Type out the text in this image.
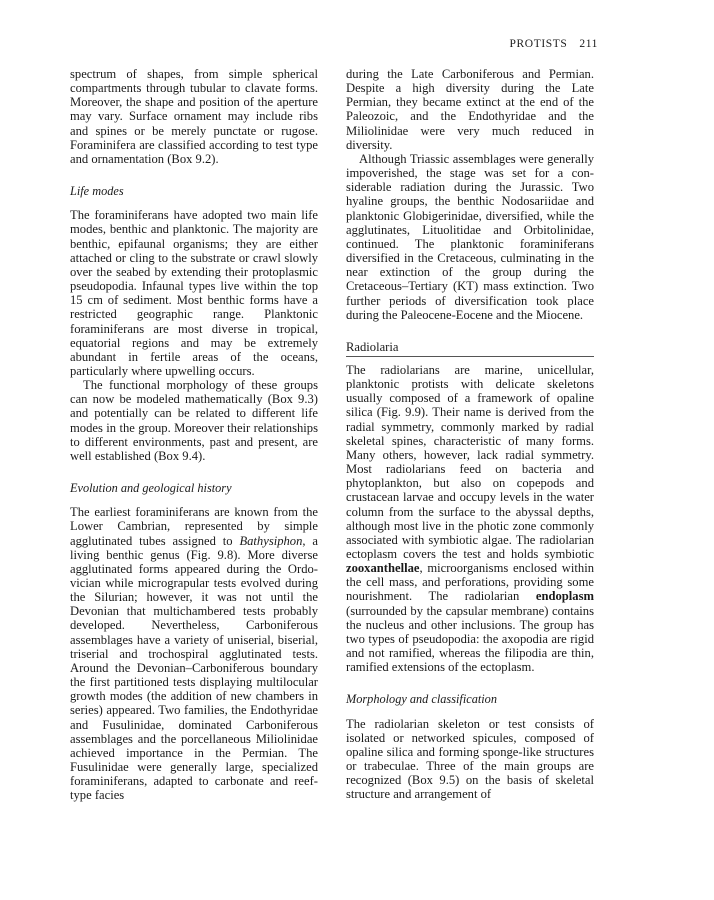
PROTISTS 211

spectrum of shapes, from simple spherical compartments through tubular to clavate forms. Moreover, the shape and position of the aperture may vary. Surface ornament may include ribs and spines or be merely punctate or rugose. Foraminifera are classified according to test type and ornamentation (Box 9.2).

Life modes

The foraminiferans have adopted two main life modes, benthic and planktonic. The majority are benthic, epifaunal organisms; they are either attached or cling to the substrate or crawl slowly over the seabed by extending their protoplasmic pseudopodia. Infaunal types live within the top 15 cm of sediment. Most benthic forms have a restricted geographic range. Planktonic foraminiferans are most diverse in tropical, equatorial regions and may be extremely abundant in fertile areas of the oceans, particularly where upwelling occurs.

The functional morphology of these groups can now be modeled mathematically (Box 9.3) and potentially can be related to different life modes in the group. Moreover their relationships to different environments, past and present, are well established (Box 9.4).

Evolution and geological history

The earliest foraminiferans are known from the Lower Cambrian, represented by simple agglutinated tubes assigned to Bathysiphon, a living benthic genus (Fig. 9.8). More diverse agglutinated forms appeared during the Ordovician while micrograpular tests evolved during the Silurian; however, it was not until the Devonian that multichambered tests probably developed. Nevertheless, Carboniferous assemblages have a variety of uniserial, biserial, triserial and trochospiral agglutinated tests. Around the Devonian–Carboniferous boundary the first partitioned tests displaying multilocular growth modes (the addition of new chambers in series) appeared. Two families, the Endothyridae and Fusulinidae, dominated Carboniferous assemblages and the porcellaneous Miliolinidae achieved importance in the Permian. The Fusulinidae were generally large, specialized foraminiferans, adapted to carbonate and reef-type facies

during the Late Carboniferous and Permian. Despite a high diversity during the Late Permian, they became extinct at the end of the Paleozoic, and the Endothyridae and the Miliolinidae were very much reduced in diversity.

Although Triassic assemblages were generally impoverished, the stage was set for a considerable radiation during the Jurassic. Two hyaline groups, the benthic Nodosariidae and planktonic Globigerinidae, diversified, while the agglutinates, Lituolitidae and Orbitolinidae, continued. The planktonic foraminiferans diversified in the Cretaceous, culminating in the near extinction of the group during the Cretaceous–Tertiary (KT) mass extinction. Two further periods of diversification took place during the Paleocene-Eocene and the Miocene.

Radiolaria

The radiolarians are marine, unicellular, planktonic protists with delicate skeletons usually composed of a framework of opaline silica (Fig. 9.9). Their name is derived from the radial symmetry, commonly marked by radial skeletal spines, characteristic of many forms. Many others, however, lack radial symmetry. Most radiolarians feed on bacteria and phytoplankton, but also on copepods and crustacean larvae and occupy levels in the water column from the surface to the abyssal depths, although most live in the photic zone commonly associated with symbiotic algae. The radiolarian ectoplasm covers the test and holds symbiotic zooxanthellae, microorganisms enclosed within the cell mass, and perforations, providing some nourishment. The radiolarian endoplasm (surrounded by the capsular membrane) contains the nucleus and other inclusions. The group has two types of pseudopodia: the axopodia are rigid and not ramified, whereas the filipodia are thin, ramified extensions of the ectoplasm.

Morphology and classification

The radiolarian skeleton or test consists of isolated or networked spicules, composed of opaline silica and forming sponge-like structures or trabeculae. Three of the main groups are recognized (Box 9.5) on the basis of skeletal structure and arrangement of
